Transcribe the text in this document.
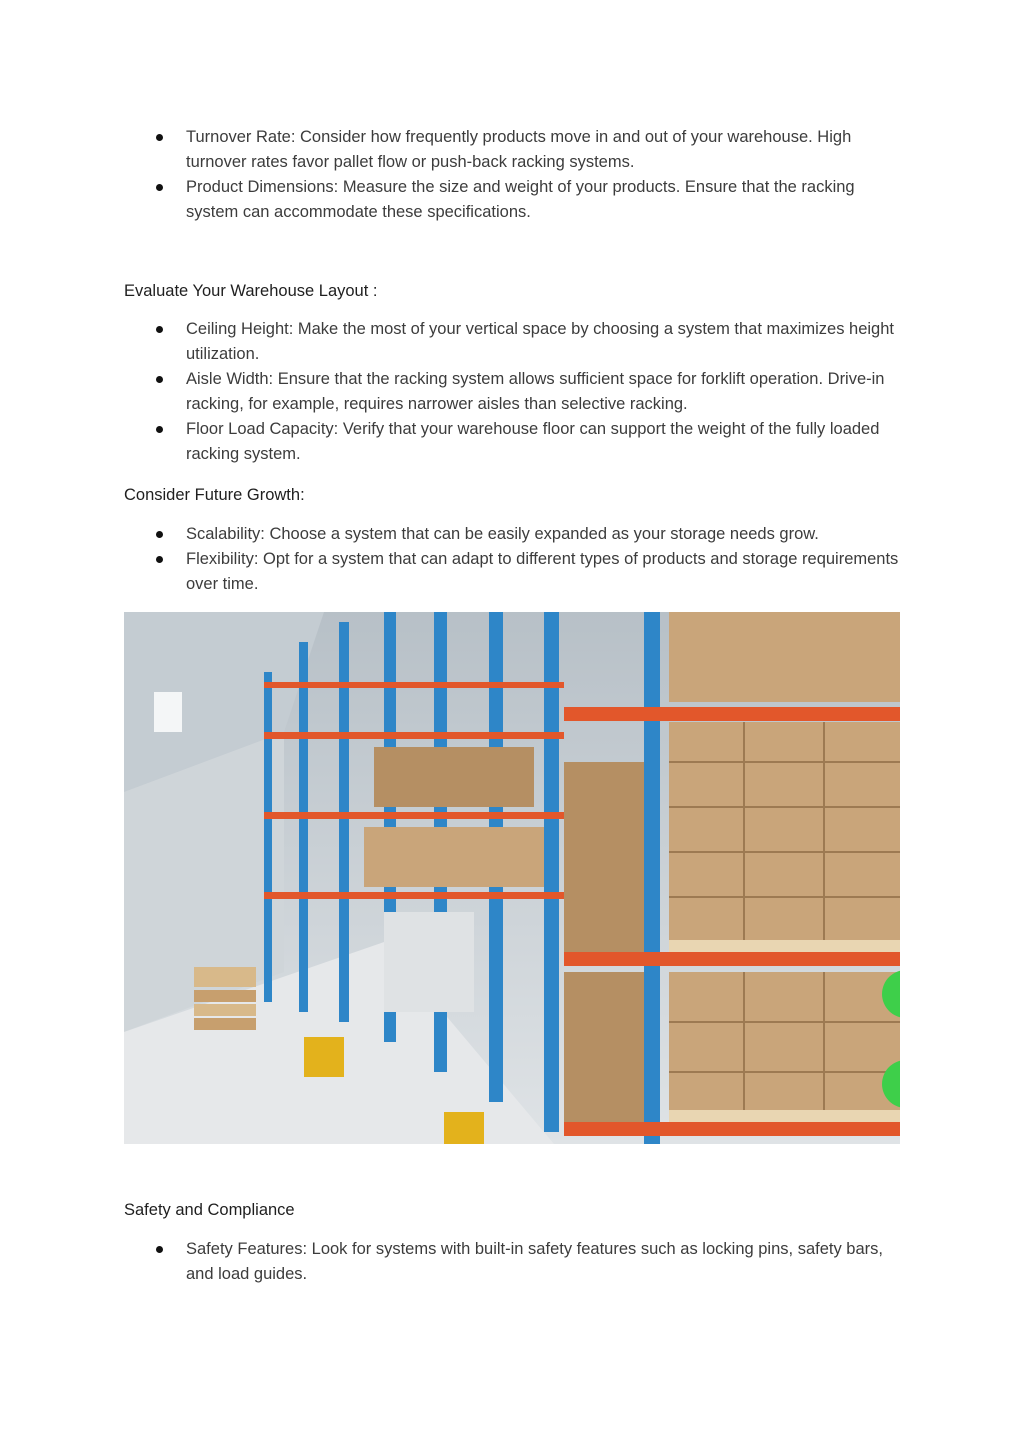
Turnover Rate: Consider how frequently products move in and out of your warehouse. High turnover rates favor pallet flow or push-back racking systems.
Product Dimensions: Measure the size and weight of your products. Ensure that the racking system can accommodate these specifications.
Evaluate Your Warehouse Layout :
Ceiling Height: Make the most of your vertical space by choosing a system that maximizes height utilization.
Aisle Width: Ensure that the racking system allows sufficient space for forklift operation. Drive-in racking, for example, requires narrower aisles than selective racking.
Floor Load Capacity: Verify that your warehouse floor can support the weight of the fully loaded racking system.
Consider Future Growth:
Scalability: Choose a system that can be easily expanded as your storage needs grow.
Flexibility: Opt for a system that can adapt to different types of products and storage requirements over time.
Safety and Compliance
Safety Features: Look for systems with built-in safety features such as locking pins, safety bars, and load guides.
